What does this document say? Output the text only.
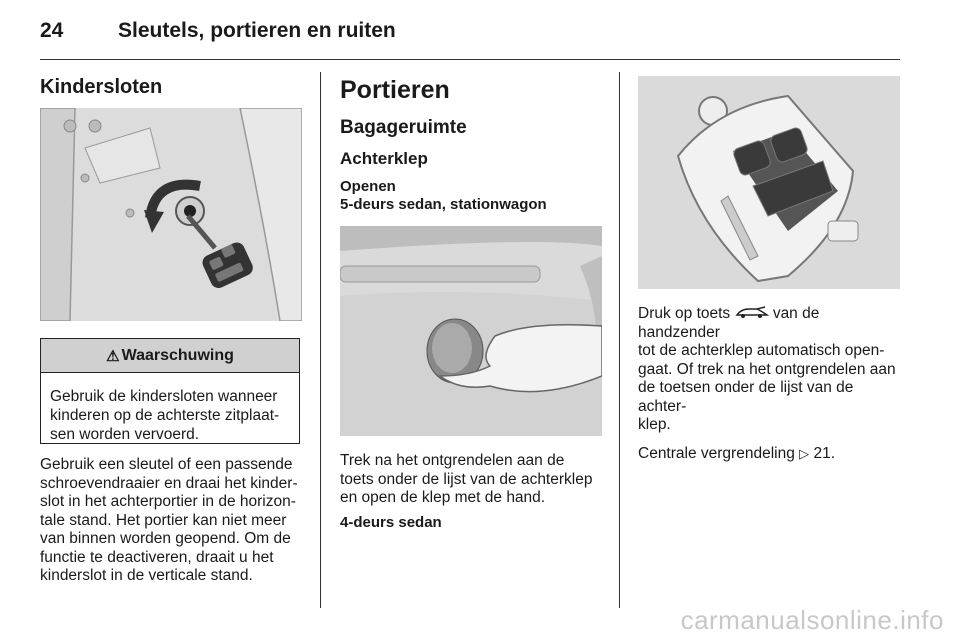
24	Sleutels, portieren en ruiten
Kindersloten
⚠ Waarschuwing
Gebruik de kindersloten wanneer
kinderen op de achterste zitplaat-
sen worden vervoerd.
Gebruik een sleutel of een passende
schroevendraaier en draai het kinder-
slot in het achterportier in de horizon-
tale stand. Het portier kan niet meer
van binnen worden geopend. Om de
functie te deactiveren, draait u het
kinderslot in de verticale stand.
Portieren
Bagageruimte
Achterklep
Openen
5-deurs sedan, stationwagon
Trek na het ontgrendelen aan de
toets onder de lijst van de achterklep
en open de klep met de hand.
4-deurs sedan
Druk op toets	van de handzender
tot de achterklep automatisch open-
gaat. Of trek na het ontgrendelen aan
de toetsen onder de lijst van de achter-
klep.
Centrale vergrendeling ▷ 21.
carmanualsonline.info
